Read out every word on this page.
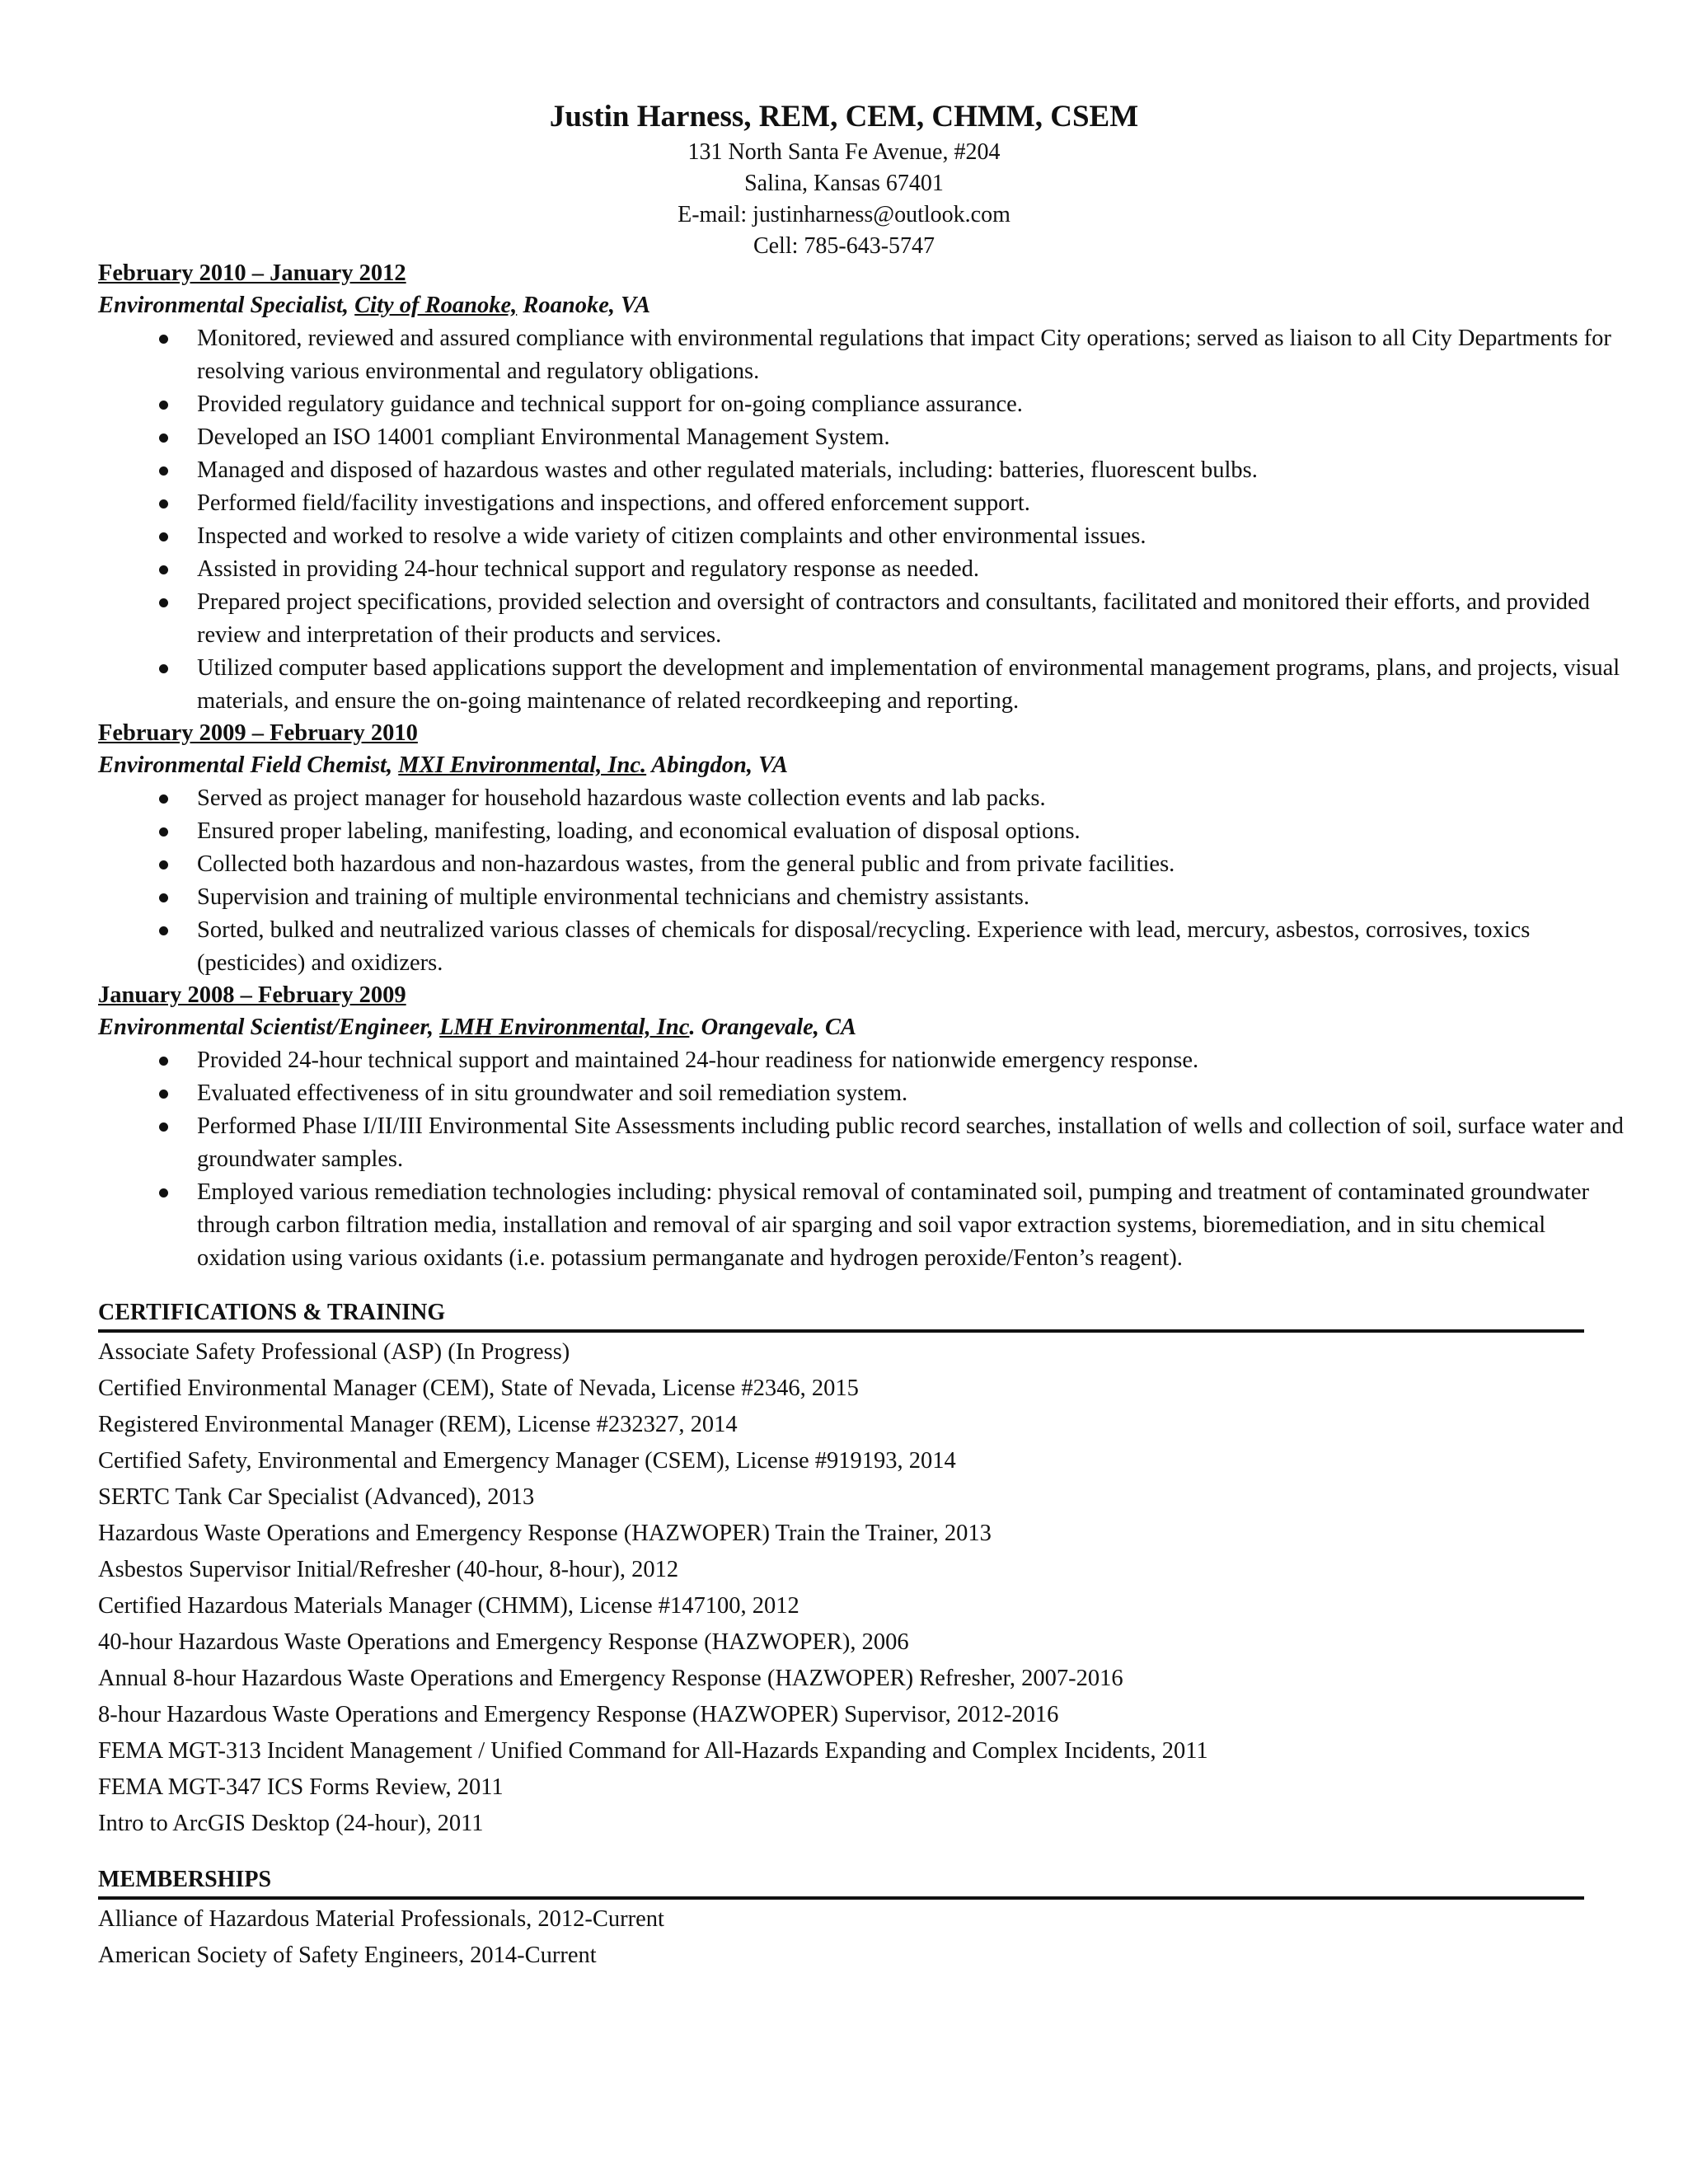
Justin Harness, REM, CEM, CHMM, CSEM
131 North Santa Fe Avenue, #204
Salina, Kansas 67401
E-mail: justinharness@outlook.com
Cell: 785-643-5747
February 2010 – January 2012
Environmental Specialist, City of Roanoke, Roanoke, VA
Monitored, reviewed and assured compliance with environmental regulations that impact City operations; served as liaison to all City Departments for resolving various environmental and regulatory obligations.
Provided regulatory guidance and technical support for on-going compliance assurance.
Developed an ISO 14001 compliant Environmental Management System.
Managed and disposed of hazardous wastes and other regulated materials, including: batteries, fluorescent bulbs.
Performed field/facility investigations and inspections, and offered enforcement support.
Inspected and worked to resolve a wide variety of citizen complaints and other environmental issues.
Assisted in providing 24-hour technical support and regulatory response as needed.
Prepared project specifications, provided selection and oversight of contractors and consultants, facilitated and monitored their efforts, and provided review and interpretation of their products and services.
Utilized computer based applications support the development and implementation of environmental management programs, plans, and projects, visual materials, and ensure the on-going maintenance of related recordkeeping and reporting.
February 2009 – February 2010
Environmental Field Chemist, MXI Environmental, Inc. Abingdon, VA
Served as project manager for household hazardous waste collection events and lab packs.
Ensured proper labeling, manifesting, loading, and economical evaluation of disposal options.
Collected both hazardous and non-hazardous wastes, from the general public and from private facilities.
Supervision and training of multiple environmental technicians and chemistry assistants.
Sorted, bulked and neutralized various classes of chemicals for disposal/recycling. Experience with lead, mercury, asbestos, corrosives, toxics (pesticides) and oxidizers.
January 2008 – February 2009
Environmental Scientist/Engineer, LMH Environmental, Inc. Orangevale, CA
Provided 24-hour technical support and maintained 24-hour readiness for nationwide emergency response.
Evaluated effectiveness of in situ groundwater and soil remediation system.
Performed Phase I/II/III Environmental Site Assessments including public record searches, installation of wells and collection of soil, surface water and groundwater samples.
Employed various remediation technologies including: physical removal of contaminated soil, pumping and treatment of contaminated groundwater through carbon filtration media, installation and removal of air sparging and soil vapor extraction systems, bioremediation, and in situ chemical oxidation using various oxidants (i.e. potassium permanganate and hydrogen peroxide/Fenton’s reagent).
CERTIFICATIONS & TRAINING
Associate Safety Professional (ASP) (In Progress)
Certified Environmental Manager (CEM), State of Nevada, License #2346, 2015
Registered Environmental Manager (REM), License #232327, 2014
Certified Safety, Environmental and Emergency Manager (CSEM), License #919193, 2014
SERTC Tank Car Specialist (Advanced), 2013
Hazardous Waste Operations and Emergency Response (HAZWOPER) Train the Trainer, 2013
Asbestos Supervisor Initial/Refresher (40-hour, 8-hour), 2012
Certified Hazardous Materials Manager (CHMM), License #147100, 2012
40-hour Hazardous Waste Operations and Emergency Response (HAZWOPER), 2006
Annual 8-hour Hazardous Waste Operations and Emergency Response (HAZWOPER) Refresher, 2007-2016
8-hour Hazardous Waste Operations and Emergency Response (HAZWOPER) Supervisor, 2012-2016
FEMA MGT-313 Incident Management / Unified Command for All-Hazards Expanding and Complex Incidents, 2011
FEMA MGT-347 ICS Forms Review, 2011
Intro to ArcGIS Desktop (24-hour), 2011
MEMBERSHIPS
Alliance of Hazardous Material Professionals, 2012-Current
American Society of Safety Engineers, 2014-Current
